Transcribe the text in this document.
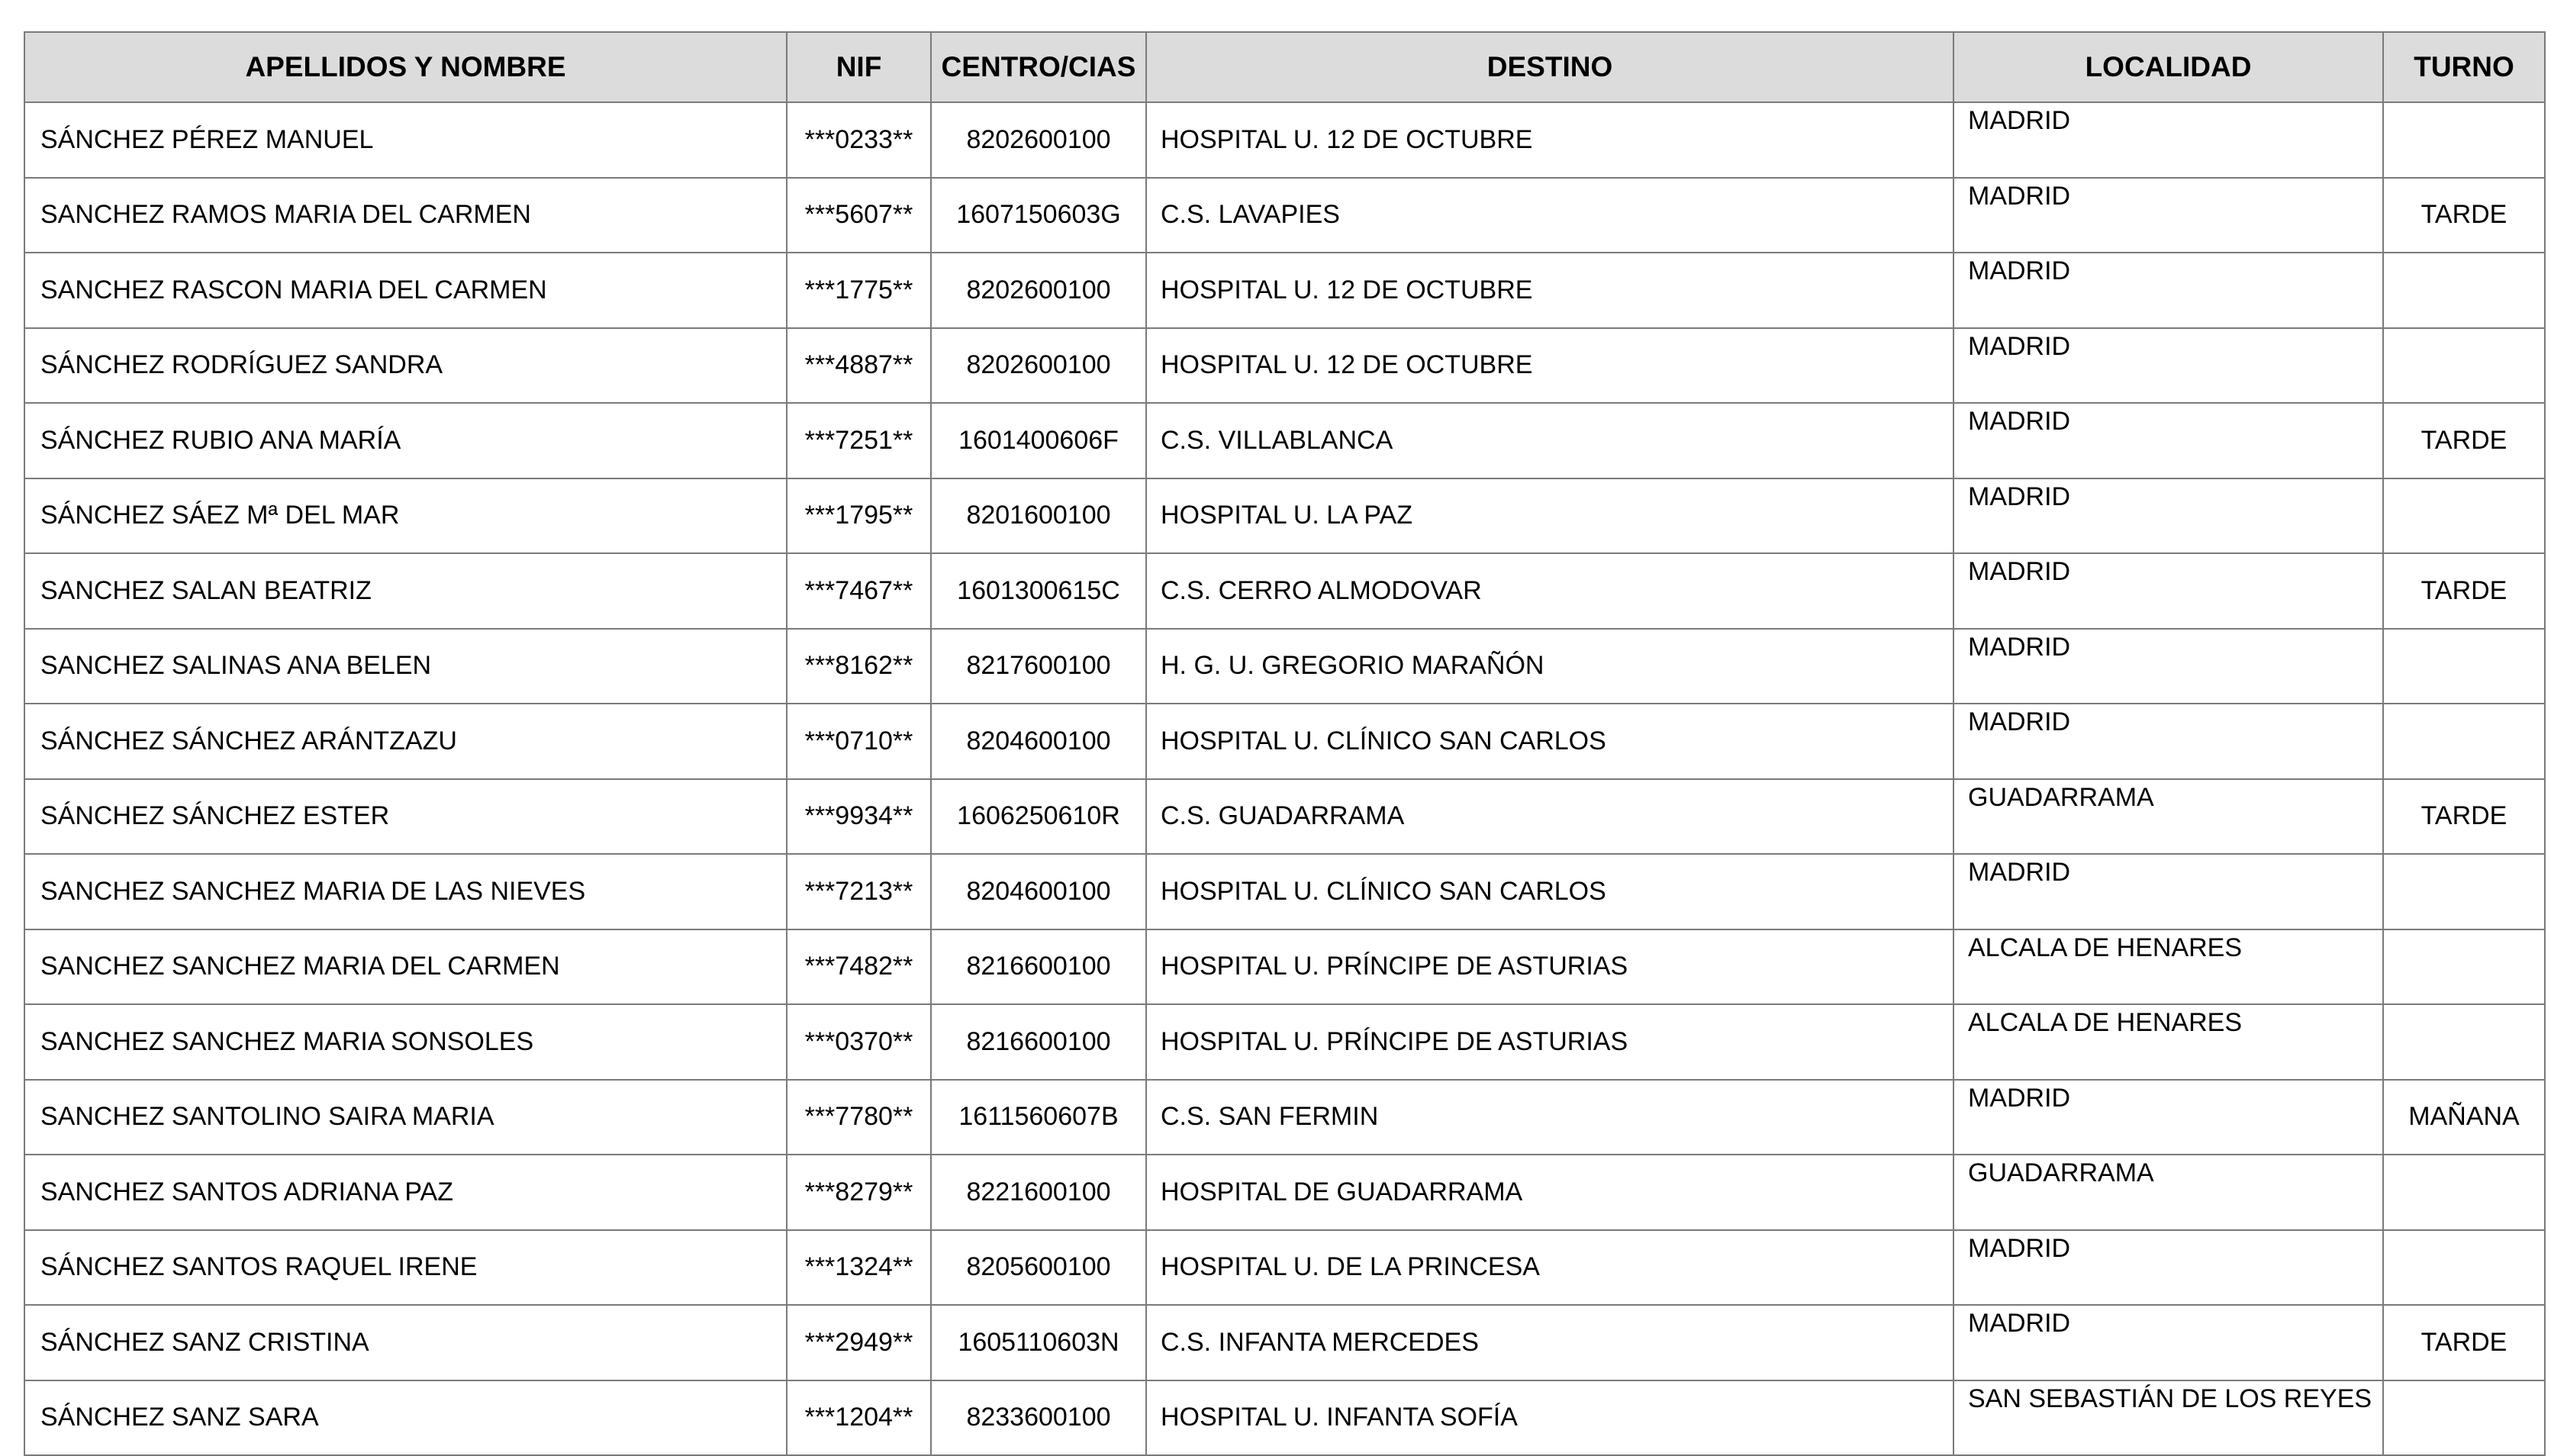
APELLIDOS Y NOMBRE	NIF	CENTRO/CIAS	DESTINO	LOCALIDAD	TURNO
SÁNCHEZ PÉREZ MANUEL	***0233**	8202600100	HOSPITAL U. 12 DE OCTUBRE	MADRID	
SANCHEZ RAMOS MARIA DEL CARMEN	***5607**	1607150603G	C.S. LAVAPIES	MADRID	TARDE
SANCHEZ RASCON MARIA DEL CARMEN	***1775**	8202600100	HOSPITAL U. 12 DE OCTUBRE	MADRID	
SÁNCHEZ RODRÍGUEZ SANDRA	***4887**	8202600100	HOSPITAL U. 12 DE OCTUBRE	MADRID	
SÁNCHEZ RUBIO ANA MARÍA	***7251**	1601400606F	C.S. VILLABLANCA	MADRID	TARDE
SÁNCHEZ SÁEZ Mª DEL MAR	***1795**	8201600100	HOSPITAL U. LA PAZ	MADRID	
SANCHEZ SALAN BEATRIZ	***7467**	1601300615C	C.S. CERRO ALMODOVAR	MADRID	TARDE
SANCHEZ SALINAS ANA BELEN	***8162**	8217600100	H. G. U. GREGORIO MARAÑÓN	MADRID	
SÁNCHEZ SÁNCHEZ ARÁNTZAZU	***0710**	8204600100	HOSPITAL U. CLÍNICO SAN CARLOS	MADRID	
SÁNCHEZ SÁNCHEZ ESTER	***9934**	1606250610R	C.S. GUADARRAMA	GUADARRAMA	TARDE
SANCHEZ SANCHEZ MARIA DE LAS NIEVES	***7213**	8204600100	HOSPITAL U. CLÍNICO SAN CARLOS	MADRID	
SANCHEZ SANCHEZ MARIA DEL CARMEN	***7482**	8216600100	HOSPITAL U. PRÍNCIPE DE ASTURIAS	ALCALA DE HENARES	
SANCHEZ SANCHEZ MARIA SONSOLES	***0370**	8216600100	HOSPITAL U. PRÍNCIPE DE ASTURIAS	ALCALA DE HENARES	
SANCHEZ SANTOLINO SAIRA MARIA	***7780**	1611560607B	C.S. SAN FERMIN	MADRID	MAÑANA
SANCHEZ SANTOS ADRIANA PAZ	***8279**	8221600100	HOSPITAL DE GUADARRAMA	GUADARRAMA	
SÁNCHEZ SANTOS RAQUEL IRENE	***1324**	8205600100	HOSPITAL U. DE LA PRINCESA	MADRID	
SÁNCHEZ SANZ CRISTINA	***2949**	1605110603N	C.S. INFANTA MERCEDES	MADRID	TARDE
SÁNCHEZ SANZ SARA	***1204**	8233600100	HOSPITAL U. INFANTA SOFÍA	SAN SEBASTIÁN DE LOS REYES	
